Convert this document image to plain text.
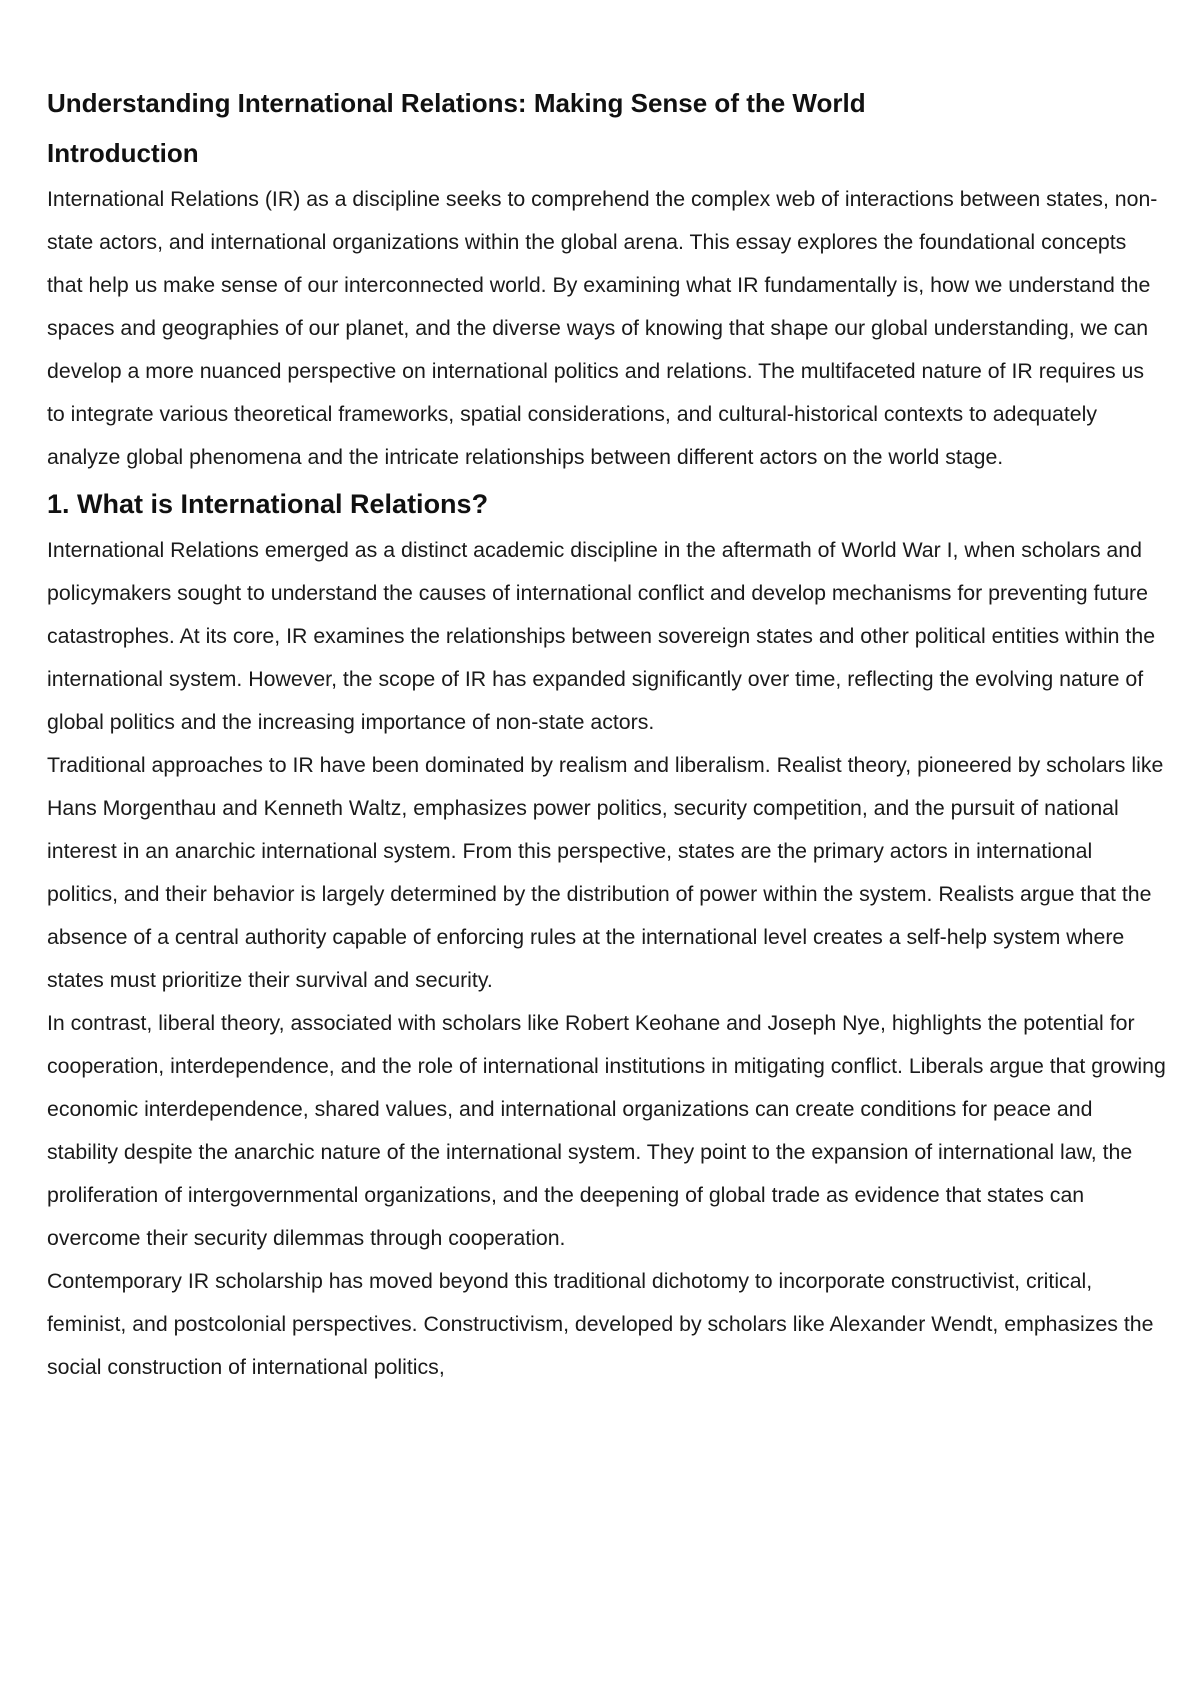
Understanding International Relations: Making Sense of the World
Introduction

International Relations (IR) as a discipline seeks to comprehend the complex web of interactions between states, non-state actors, and international organizations within the global arena. This essay explores the foundational concepts that help us make sense of our interconnected world. By examining what IR fundamentally is, how we understand the spaces and geographies of our planet, and the diverse ways of knowing that shape our global understanding, we can develop a more nuanced perspective on international politics and relations. The multifaceted nature of IR requires us to integrate various theoretical frameworks, spatial considerations, and cultural-historical contexts to adequately analyze global phenomena and the intricate relationships between different actors on the world stage.

1. What is International Relations?

International Relations emerged as a distinct academic discipline in the aftermath of World War I, when scholars and policymakers sought to understand the causes of international conflict and develop mechanisms for preventing future catastrophes. At its core, IR examines the relationships between sovereign states and other political entities within the international system. However, the scope of IR has expanded significantly over time, reflecting the evolving nature of global politics and the increasing importance of non-state actors.

Traditional approaches to IR have been dominated by realism and liberalism. Realist theory, pioneered by scholars like Hans Morgenthau and Kenneth Waltz, emphasizes power politics, security competition, and the pursuit of national interest in an anarchic international system. From this perspective, states are the primary actors in international politics, and their behavior is largely determined by the distribution of power within the system. Realists argue that the absence of a central authority capable of enforcing rules at the international level creates a self-help system where states must prioritize their survival and security.

In contrast, liberal theory, associated with scholars like Robert Keohane and Joseph Nye, highlights the potential for cooperation, interdependence, and the role of international institutions in mitigating conflict. Liberals argue that growing economic interdependence, shared values, and international organizations can create conditions for peace and stability despite the anarchic nature of the international system. They point to the expansion of international law, the proliferation of intergovernmental organizations, and the deepening of global trade as evidence that states can overcome their security dilemmas through cooperation.

Contemporary IR scholarship has moved beyond this traditional dichotomy to incorporate constructivist, critical, feminist, and postcolonial perspectives. Constructivism, developed by scholars like Alexander Wendt, emphasizes the social construction of international politics,
